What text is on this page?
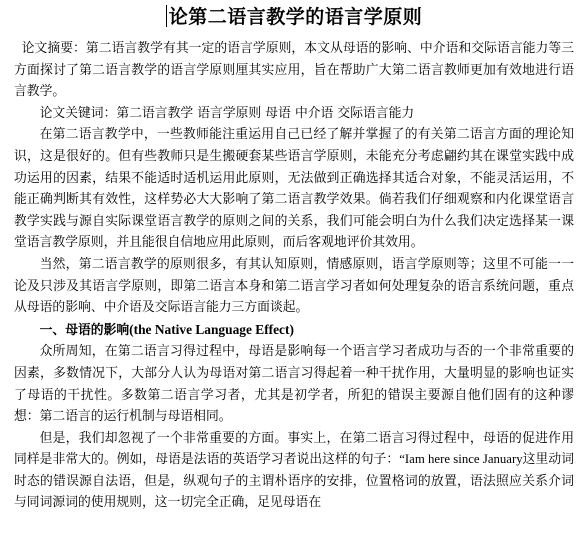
论第二语言教学的语言学原则

论文摘要：第二语言教学有其一定的语言学原则，本文从母语的影响、中介语和交际语言能力等三方面探讨了第二语言教学的语言学原则厘其实应用，旨在帮助广大第二语言教师更加有效地进行语言教学。

论文关键词：第二语言教学 语言学原则 母语 中介语 交际语言能力

在第二语言教学中，一些教师能注重运用自己已经了解并掌握了的有关第二语言方面的理论知识，这是很好的。但有些教师只是生搬硬套某些语言学原则，未能充分考虑翩约其在课堂实践中成功运用的因素，结果不能适时适机运用此原则，无法做到正确选择其适合对象，不能灵活运用，不能正确判断其有效性，这样势必大大影响了第二语言教学效果。倘若我们仔细观察和内化课堂语言教学实践与源自实际课堂语言教学的原则之间的关系，我们可能会明白为什么我们决定选择某一课堂语言教学原则，并且能很自信地应用此原则，而后客观地评价其效用。

当然，第二语言教学的原则很多，有其认知原则，情感原则，语言学原则等；这里不可能一一论及只涉及其语言学原则，即第二语言本身和第二语言学习者如何处理复杂的语言系统问题，重点从母语的影响、中介语及交际语言能力三方面谈起。

一、母语的影响(the Native Language Effect)

众所周知，在第二语言习得过程中，母语是影响每一个语言学习者成功与否的一个非常重要的因素，多数情况下，大部分人认为母语对第二语言习得起着一种干扰作用，大量明显的影响也证实了母语的干扰性。多数第二语言学习者，尤其是初学者，所犯的错误主要源自他们固有的这种谬想：第二语言的运行机制与母语相同。

但是，我们却忽视了一个非常重要的方面。事实上，在第二语言习得过程中，母语的促进作用同样是非常大的。例如，母语是法语的英语学习者说出这样的句子：“Iam here since January这里动词时态的错误源自法语，但是，纵观句子的主谓朴语序的安排，位置格词的放置，语法照应关系介词与同词源词的使用规则，这一切完全正确，足见母语在
